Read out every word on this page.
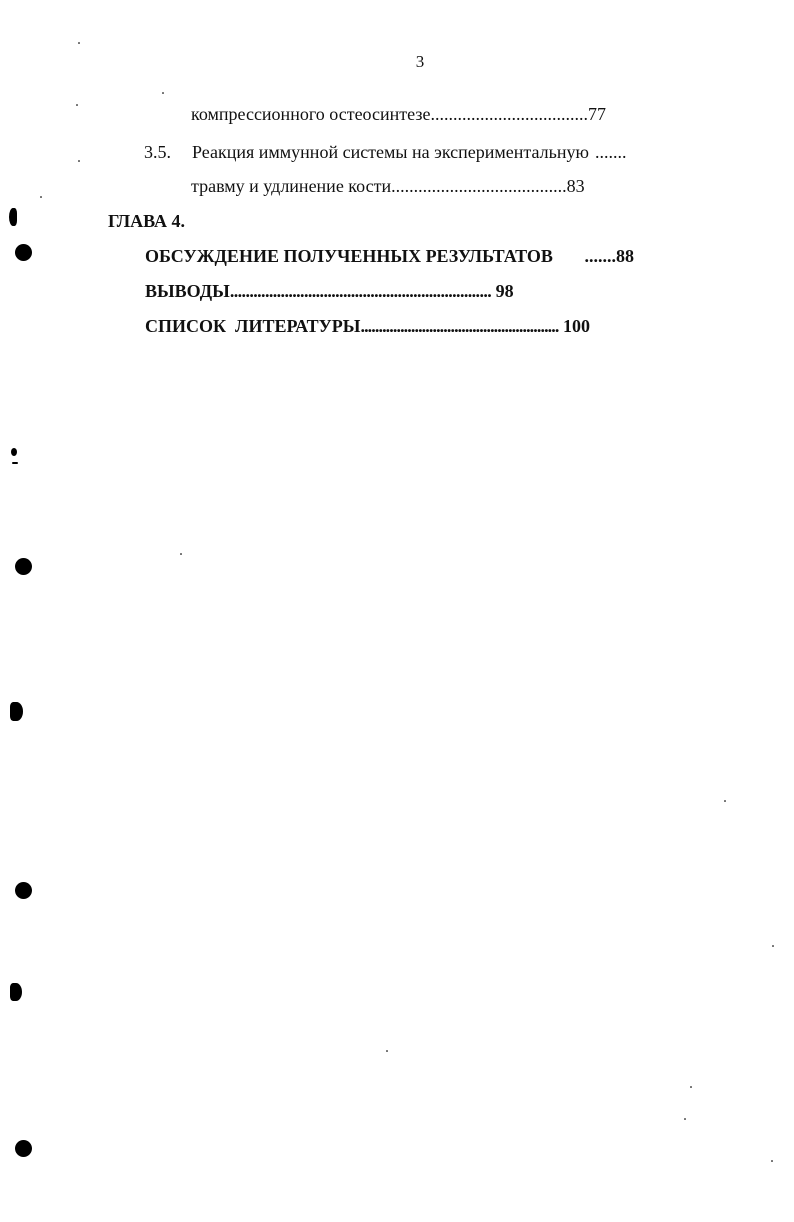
3
компрессионного остеосинтезе ................................... 77
3.5.	Реакция иммунной системы на экспериментальную .......
травму и удлинение кости ....................................... 83
ГЛАВА 4.
ОБСУЖДЕНИЕ ПОЛУЧЕННЫХ РЕЗУЛЬТАТОВ ....... 88
ВЫВОДЫ ................................................................... 98
СПИСОК  ЛИТЕРАТУРЫ ....................................................... 100
